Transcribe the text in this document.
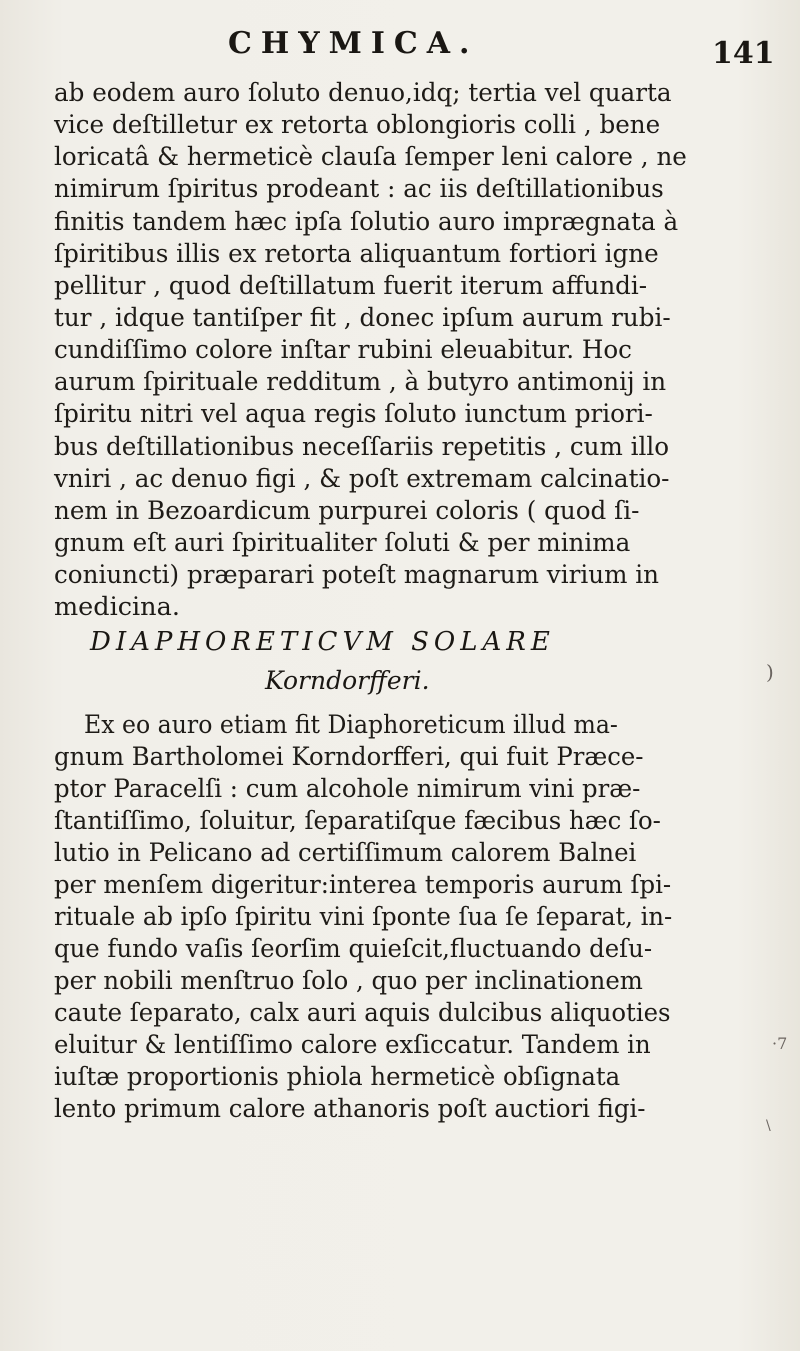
CHYMICA.	141
ab eodem auro ſoluto denuo,idq; tertia vel quarta
vice deſtilletur ex retorta oblongioris colli , bene
loricatâ & hermeticè clauſa ſemper leni calore , ne
nimirum ſpiritus prodeant : ac iis deſtillationibus
finitis tandem hæc ipſa ſolutio auro imprægnata à
ſpiritibus illis ex retorta aliquantum fortiori igne
pellitur , quod deſtillatum fuerit iterum affundi-
tur , idque tantiſper fit , donec ipſum aurum rubi-
cundiſſimo colore inſtar rubini eleuabitur. Hoc
aurum ſpirituale redditum , à butyro antimonij in
ſpiritu nitri vel aqua regis ſoluto iunctum priori-
bus deſtillationibus neceſſariis repetitis , cum illo
vniri , ac denuo figi , & poſt extremam calcinatio-
nem in Bezoardicum purpurei coloris ( quod ſi-
gnum eſt auri ſpiritualiter ſoluti & per minima
coniuncti) præparari poteſt magnarum virium in
medicina.
DIAPHORETICVM SOLARE
Korndorfferi.
Ex eo auro etiam fit Diaphoreticum illud ma-
gnum Bartholomei Korndorfferi, qui fuit Præce-
ptor Paracelſi : cum alcohole nimirum vini præ-
ſtantiſſimo, ſoluitur, ſeparatiſque fæcibus hæc ſo-
lutio in Pelicano ad certiſſimum calorem Balnei
per menſem digeritur:interea temporis aurum ſpi-
rituale ab ipſo ſpiritu vini ſponte ſua ſe ſeparat, in-
que fundo vaſis ſeorſim quieſcit,fluctuando deſu-
per nobili menſtruo ſolo , quo per inclinationem
caute ſeparato, calx auri aquis dulcibus aliquoties
eluitur & lentiſſimo calore exſiccatur. Tandem in
iuſtæ proportionis phiola hermeticè obſignata
lento primum calore athanoris poſt auctiori figi-
)
·7
\
